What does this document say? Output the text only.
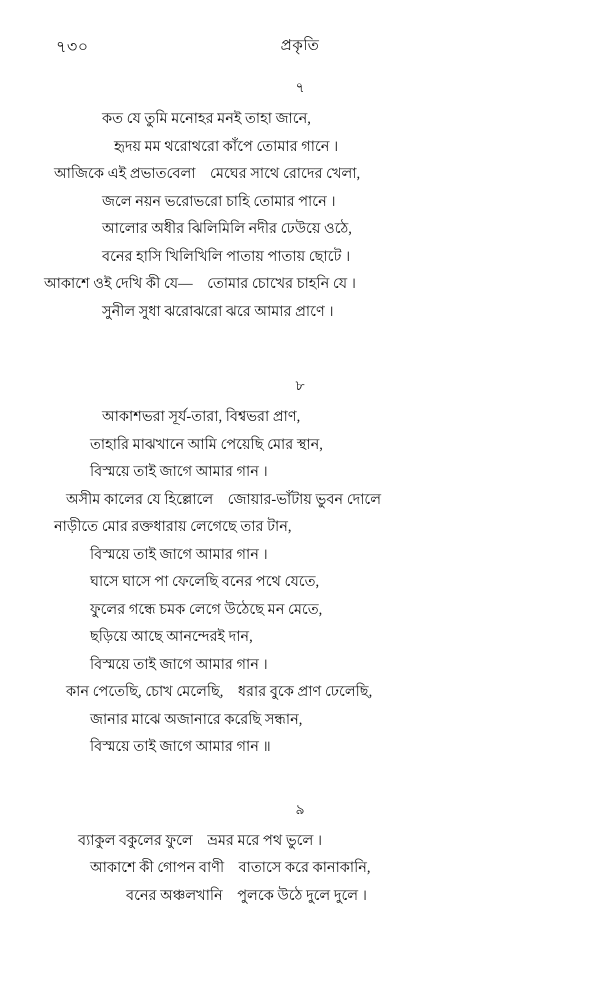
৭৩০	প্রকৃতি
৭
কত যে তুমি মনোহর মনই তাহা জানে,
হৃদয় মম থরোথরো কাঁপে তোমার গানে ।
আজিকে এই প্রভাত‌বেলা    মেঘের সাথে রোদের খেলা,
জলে নয়ন ভরোভরো চাহি তোমার পানে ।
আলোর অধীর ঝিলিমিলি নদীর ঢেউয়ে ওঠে,
বনের হাসি খিলিখিলি পাতায় পাতায় ছোটে ।
আকাশে ওই দেখি কী যে—    তোমার চোখের চাহনি যে ।
সুনীল সুধা ঝরোঝরো ঝরে আমার প্রাণে ।
৮
আকাশভরা সূর্য-তারা, বিশ্বভরা প্রাণ,
তাহারি মাঝখানে আমি পেয়েছি মোর স্থান,
বিস্ময়ে তাই জাগে আমার গান ।
অসীম কালের যে হিল্লোলে    জোয়ার-ভাঁটায় ভুবন দোলে
নাড়ীতে মোর রক্তধারায় লেগেছে তার টান,
বিস্ময়ে তাই জাগে আমার গান ।
ঘাসে ঘাসে পা ফেলেছি বনের পথে যেতে,
ফুলের গন্ধে চমক লেগে উঠেছে মন মেতে,
ছড়িয়ে আছে আনন্দেরই দান,
বিস্ময়ে তাই জাগে আমার গান ।
কান পেতেছি, চোখ মেলেছি,    ধরার বুকে প্রাণ ঢেলেছি,
জানার মাঝে অজানারে করেছি সন্ধান,
বিস্ময়ে তাই জাগে আমার গান ॥
৯
ব্যাকুল বকুলের ফুলে    ভ্রমর মরে পথ ভুলে ।
আকাশে কী গোপন বাণী    বাতাসে করে কানাকানি,
বনের অঞ্চলখানি    পুলকে উঠে দুলে দুলে ।
